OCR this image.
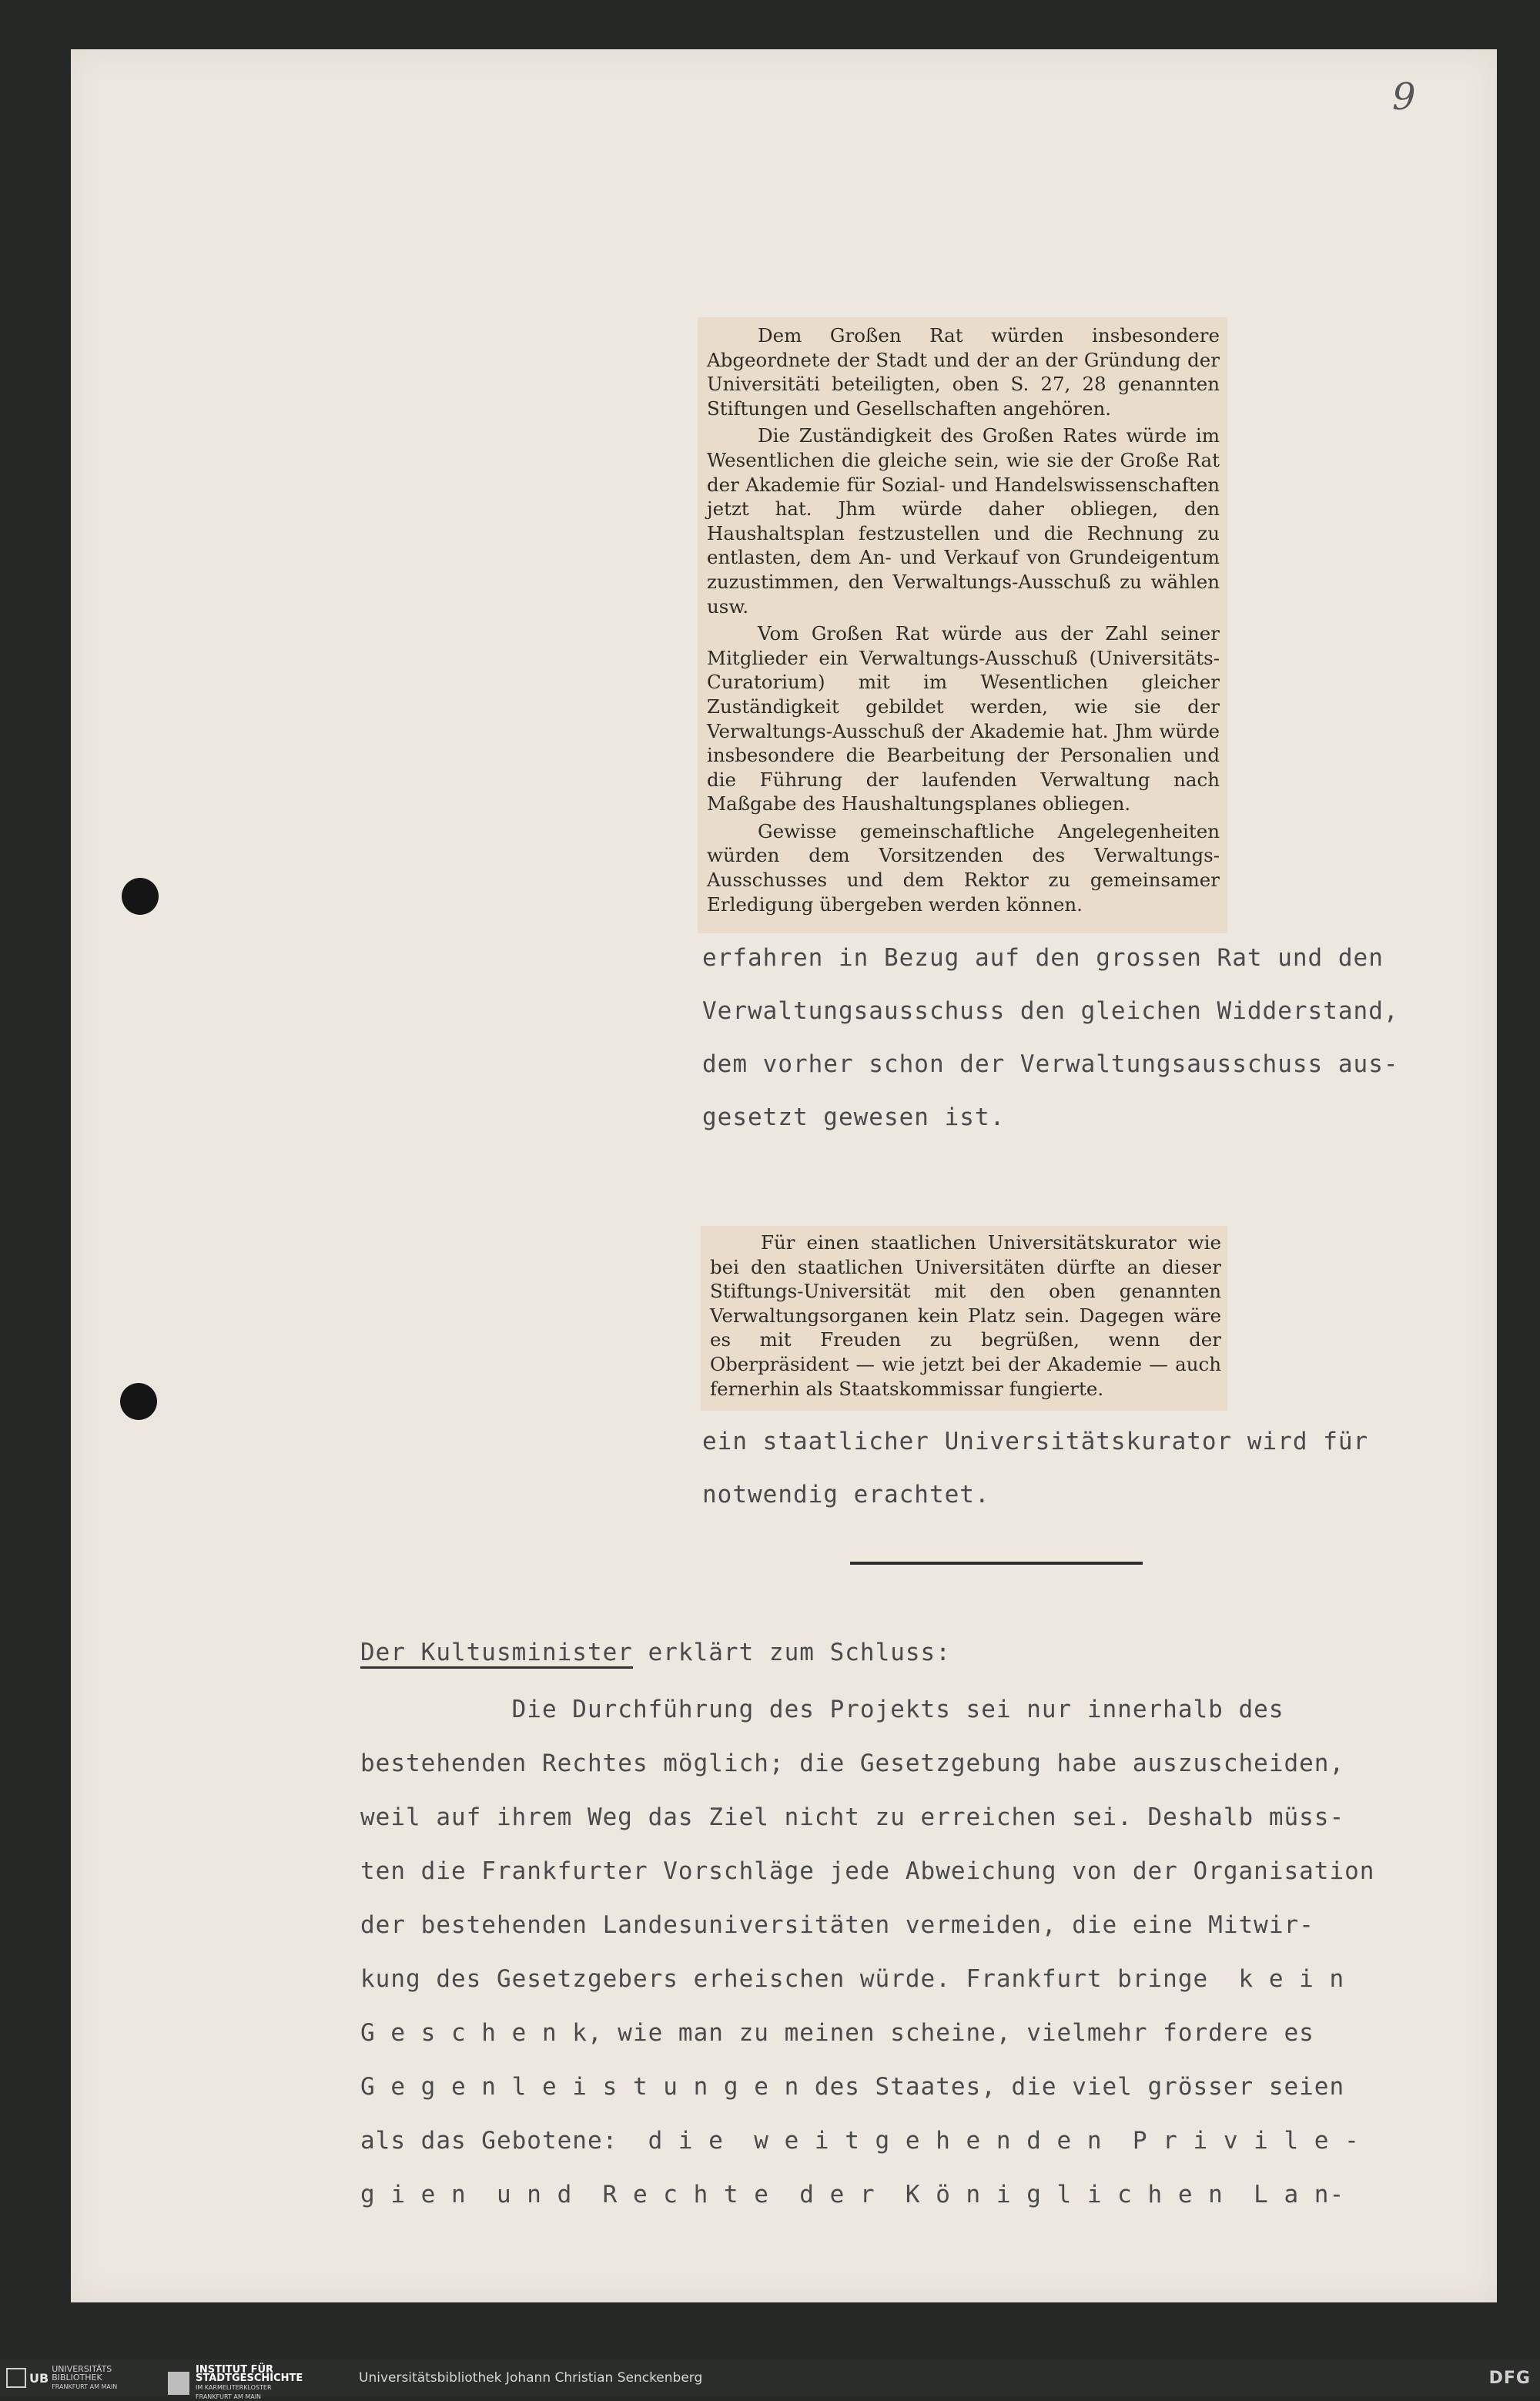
9

Dem Großen Rat würden insbesondere Abgeordnete der Stadt und der an der Gründung der Universitäti beteiligten, oben S. 27, 28 genannten Stiftungen und Gesellschaften angehören.

Die Zuständigkeit des Großen Rates würde im Wesentlichen die gleiche sein, wie sie der Große Rat der Akademie für Sozial- und Handelswissenschaften jetzt hat. Jhm würde daher obliegen, den Haushaltsplan festzustellen und die Rechnung zu entlasten, dem An- und Verkauf von Grundeigentum zuzustimmen, den Verwaltungs-Ausschuß zu wählen usw.

Vom Großen Rat würde aus der Zahl seiner Mitglieder ein Verwaltungs-Ausschuß (Universitäts-Curatorium) mit im Wesentlichen gleicher Zuständigkeit gebildet werden, wie sie der Verwaltungs-Ausschuß der Akademie hat. Jhm würde insbesondere die Bearbeitung der Personalien und die Führung der laufenden Verwaltung nach Maßgabe des Haushaltungsplanes obliegen.

Gewisse gemeinschaftliche Angelegenheiten würden dem Vorsitzenden des Verwaltungs-Ausschusses und dem Rektor zu gemeinsamer Erledigung übergeben werden können.

erfahren in Bezug auf den grossen Rat und den
Verwaltungsausschuss den gleichen Widderstand,
dem vorher schon der Verwaltungsausschuss aus-
gesetzt gewesen ist.

Für einen staatlichen Universitätskurator wie bei den staatlichen Universitäten dürfte an dieser Stiftungs-Universität mit den oben genannten Verwaltungsorganen kein Platz sein. Dagegen wäre es mit Freuden zu begrüßen, wenn der Oberpräsident — wie jetzt bei der Akademie — auch fernerhin als Staatskommissar fungierte.

ein staatlicher Universitätskurator wird für
notwendig erachtet.
Der Kultusminister erklärt zum Schluss:
Die Durchführung des Projekts sei nur innerhalb des
bestehenden Rechtes möglich; die Gesetzgebung habe auszuscheiden,
weil auf ihrem Weg das Ziel nicht zu erreichen sei. Deshalb müss-
ten die Frankfurter Vorschläge jede Abweichung von der Organisation
der bestehenden Landesuniversitäten vermeiden, die eine Mitwir-
kung des Gesetzgebers erheischen würde. Frankfurt bringe  k e i n
G e s c h e n k, wie man zu meinen scheine, vielmehr fordere es
G e g e n l e i s t u n g e n des Staates, die viel grösser seien
als das Gebotene:  d i e  w e i t g e h e n d e n  P r i v i l e -
g i e n  u n d  R e c h t e  d e r  K ö n i g l i c h e n  L a n-
UB
UNIVERSITÄTS
BIBLIOTHEK
FRANKFURT AM MAIN
INSTITUT FÜR
STADTGESCHICHTE
IM KARMELITERKLOSTER
FRANKFURT AM MAIN
Universitätsbibliothek Johann Christian Senckenberg	DFG
